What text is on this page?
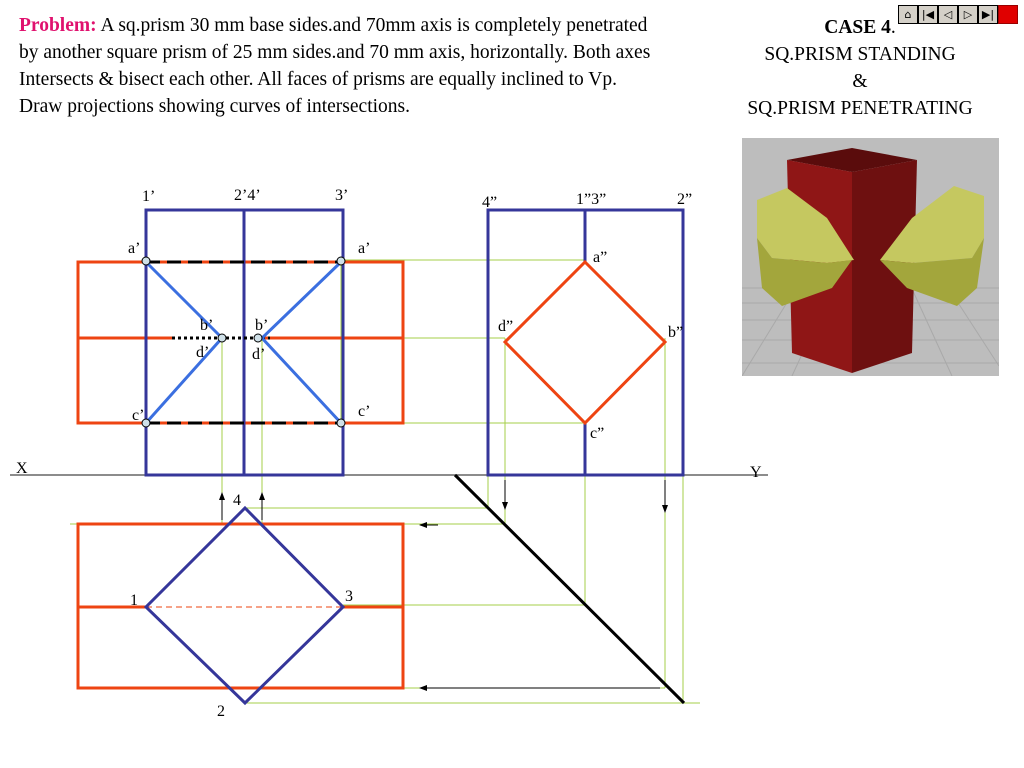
Problem: A sq.prism 30 mm base sides.and 70mm axis is completely penetrated
by another square prism of 25 mm sides.and 70 mm axis, horizontally. Both axes
Intersects & bisect each other. All faces of prisms are equally inclined to Vp.
Draw projections showing curves of intersections.
CASE 4.
SQ.PRISM STANDING
&
SQ.PRISM PENETRATING
⌂ |◀ ◁ ▷ ▶|
X	Y
1’	2’4’	3’
a’	a’
b’	b’
d’	d’
c’	c’
4”	1”3”	2”
a”
b”
c”
d”
1
2
3
4
